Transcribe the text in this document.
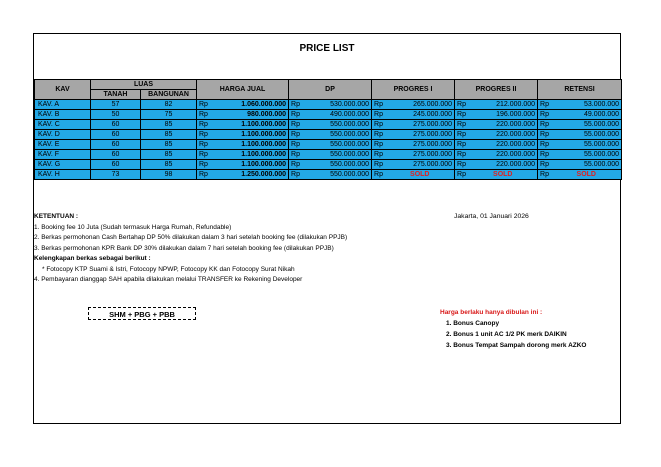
PRICE LIST
KAV	LUAS		HARGA JUAL		DP		PROGRES I		PROGRES II		RETENSI	
	TANAH	BANGUNAN										
KAV. A	57	82	Rp	1.060.000.000	Rp	530.000.000	Rp	265.000.000	Rp	212.000.000	Rp	53.000.000
KAV. B	50	75	Rp	980.000.000	Rp	490.000.000	Rp	245.000.000	Rp	196.000.000	Rp	49.000.000
KAV. C	60	85	Rp	1.100.000.000	Rp	550.000.000	Rp	275.000.000	Rp	220.000.000	Rp	55.000.000
KAV. D	60	85	Rp	1.100.000.000	Rp	550.000.000	Rp	275.000.000	Rp	220.000.000	Rp	55.000.000
KAV. E	60	85	Rp	1.100.000.000	Rp	550.000.000	Rp	275.000.000	Rp	220.000.000	Rp	55.000.000
KAV. F	60	85	Rp	1.100.000.000	Rp	550.000.000	Rp	275.000.000	Rp	220.000.000	Rp	55.000.000
KAV. G	60	85	Rp	1.100.000.000	Rp	550.000.000	Rp	275.000.000	Rp	220.000.000	Rp	55.000.000
KAV. H	73	98	Rp	1.250.000.000	Rp	550.000.000	Rp	SOLD	Rp	SOLD	Rp	SOLD
KETENTUAN :
1. Booking fee 10 Juta (Sudah termasuk Harga Rumah, Refundable)
2. Berkas permohonan Cash Bertahap DP 50% dilakukan dalam 3 hari setelah booking fee (dilakukan PPJB)
3. Berkas permohonan KPR Bank DP 30% dilakukan dalam 7 hari setelah booking fee (dilakukan PPJB)
Kelengkapan berkas sebagai berikut :
* Fotocopy KTP Suami & Istri, Fotocopy NPWP, Fotocopy KK dan Fotocopy Surat Nikah
4. Pembayaran dianggap SAH apabila dilakukan melalui TRANSFER ke Rekening Developer
Jakarta, 01 Januari 2026
SHM + PBG + PBB	Harga berlaku hanya dibulan ini :
1. Bonus Canopy
2. Bonus 1 unit AC 1/2 PK merk DAIKIN
3. Bonus Tempat Sampah dorong merk AZKO
